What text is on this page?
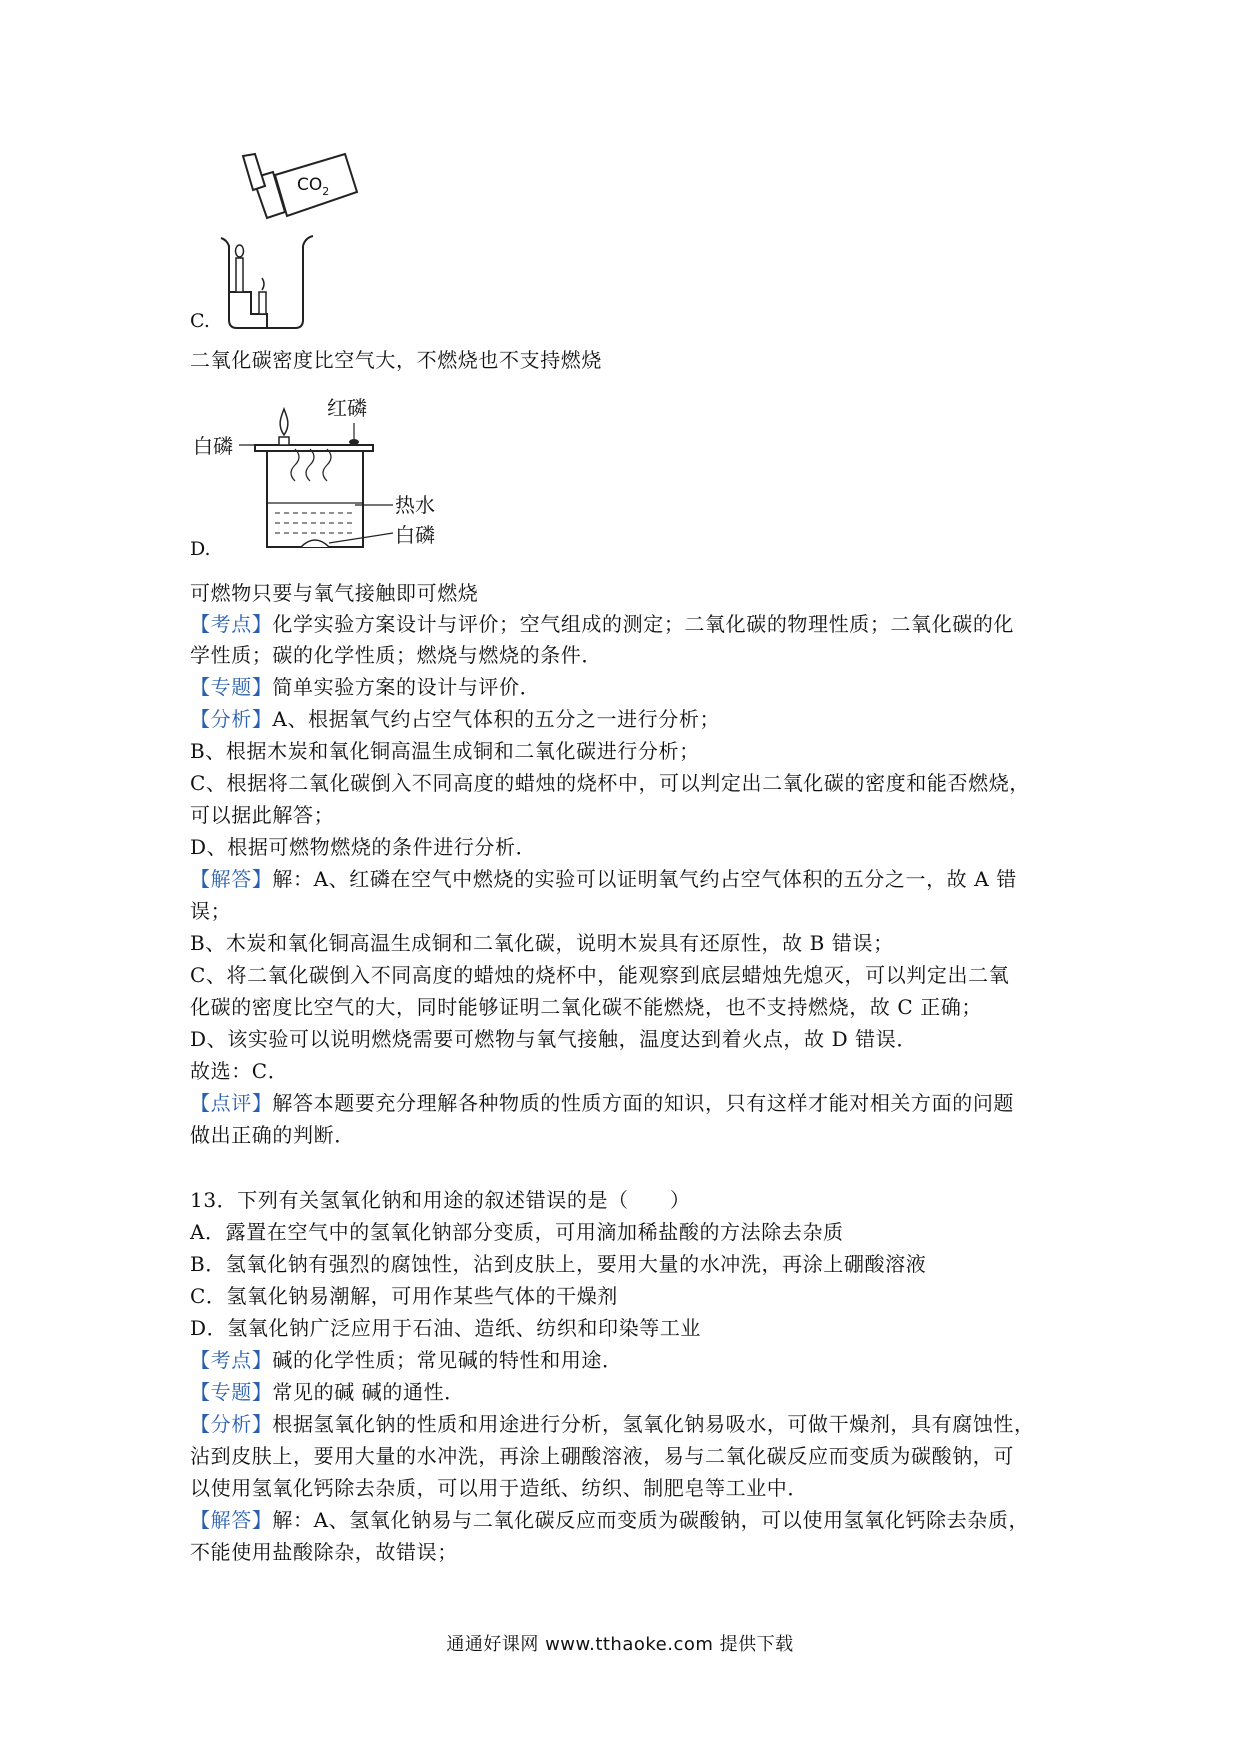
$CO_2$
C.
二氧化碳密度比空气大，不燃烧也不支持燃烧
红磷
白磷
热水
白磷
D.
可燃物只要与氧气接触即可燃烧
【考点】化学实验方案设计与评价；空气组成的测定；二氧化碳的物理性质；二氧化碳的化
学性质；碳的化学性质；燃烧与燃烧的条件．
【专题】简单实验方案的设计与评价．
【分析】A、根据氧气约占空气体积的五分之一进行分析；
B、根据木炭和氧化铜高温生成铜和二氧化碳进行分析；
C、根据将二氧化碳倒入不同高度的蜡烛的烧杯中，可以判定出二氧化碳的密度和能否燃烧，
可以据此解答；
D、根据可燃物燃烧的条件进行分析．
【解答】解：A、红磷在空气中燃烧的实验可以证明氧气约占空气体积的五分之一，故 A 错
误；
B、木炭和氧化铜高温生成铜和二氧化碳，说明木炭具有还原性，故 B 错误；
C、将二氧化碳倒入不同高度的蜡烛的烧杯中，能观察到底层蜡烛先熄灭，可以判定出二氧
化碳的密度比空气的大，同时能够证明二氧化碳不能燃烧，也不支持燃烧，故 C 正确；
D、该实验可以说明燃烧需要可燃物与氧气接触，温度达到着火点，故 D 错误．
故选：C．
【点评】解答本题要充分理解各种物质的性质方面的知识，只有这样才能对相关方面的问题
做出正确的判断．
13．下列有关氢氧化钠和用途的叙述错误的是（　　）
A．露置在空气中的氢氧化钠部分变质，可用滴加稀盐酸的方法除去杂质
B．氢氧化钠有强烈的腐蚀性，沾到皮肤上，要用大量的水冲洗，再涂上硼酸溶液
C．氢氧化钠易潮解，可用作某些气体的干燥剂
D．氢氧化钠广泛应用于石油、造纸、纺织和印染等工业
【考点】碱的化学性质；常见碱的特性和用途．
【专题】常见的碱 碱的通性．
【分析】根据氢氧化钠的性质和用途进行分析，氢氧化钠易吸水，可做干燥剂，具有腐蚀性，
沾到皮肤上，要用大量的水冲洗，再涂上硼酸溶液，易与二氧化碳反应而变质为碳酸钠，可
以使用氢氧化钙除去杂质，可以用于造纸、纺织、制肥皂等工业中．
【解答】解：A、氢氧化钠易与二氧化碳反应而变质为碳酸钠，可以使用氢氧化钙除去杂质，
不能使用盐酸除杂，故错误；
通通好课网 www.tthaoke.com 提供下载
